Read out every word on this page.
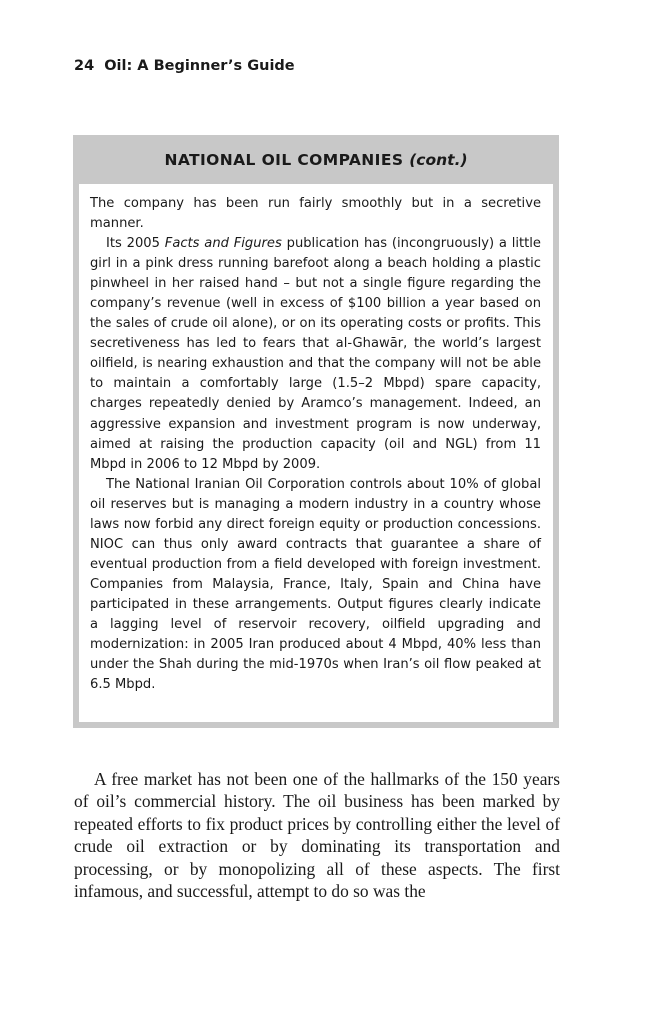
24 Oil: A Beginner’s Guide
NATIONAL OIL COMPANIES
(cont.)

The company has been run fairly smoothly but in a secretive manner.

Its 2005 Facts and Figures publication has (incongruously) a little girl in a pink dress running barefoot along a beach holding a plastic pinwheel in her raised hand – but not a single figure regarding the company’s revenue (well in excess of $100 billion a year based on the sales of crude oil alone), or on its operating costs or profits. This secretiveness has led to fears that al-Ghawār, the world’s largest oilfield, is nearing exhaustion and that the company will not be able to maintain a comfortably large (1.5–2 Mbpd) spare capacity, charges repeatedly denied by Aramco’s management. Indeed, an aggressive expansion and investment program is now underway, aimed at raising the production capacity (oil and NGL) from 11 Mbpd in 2006 to 12 Mbpd by 2009.

The National Iranian Oil Corporation controls about 10% of global oil reserves but is managing a modern industry in a country whose laws now forbid any direct foreign equity or production concessions. NIOC can thus only award contracts that guarantee a share of eventual production from a field developed with foreign investment. Companies from Malaysia, France, Italy, Spain and China have participated in these arrangements. Output figures clearly indicate a lagging level of reservoir recovery, oilfield upgrading and modernization: in 2005 Iran produced about 4 Mbpd, 40% less than under the Shah during the mid-1970s when Iran’s oil flow peaked at 6.5 Mbpd.

A free market has not been one of the hallmarks of the 150 years of oil’s commercial history. The oil business has been marked by repeated efforts to fix product prices by controlling either the level of crude oil extraction or by dominating its transportation and processing, or by monopolizing all of these aspects. The first infamous, and successful, attempt to do so was the
